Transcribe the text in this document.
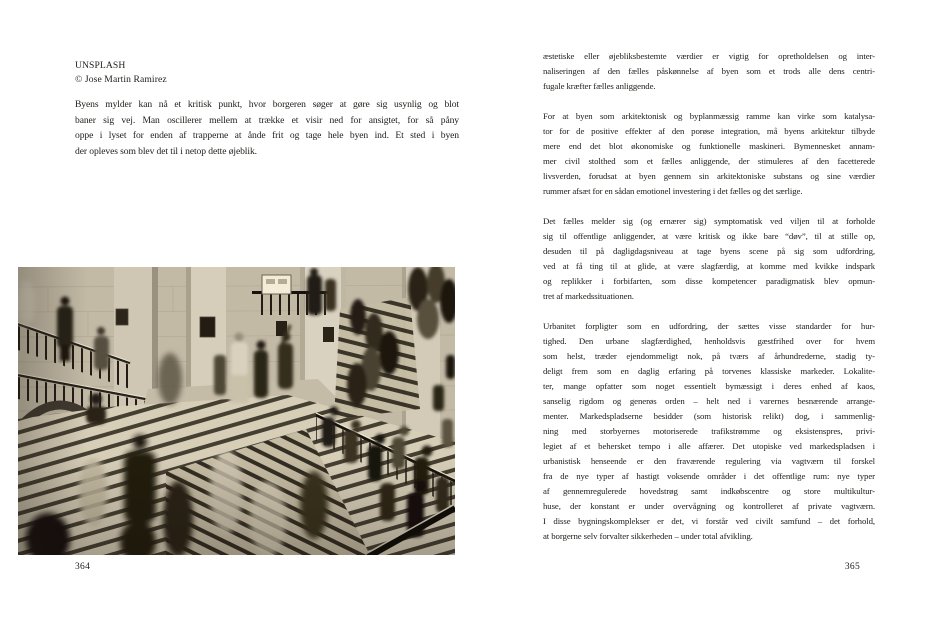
UNSPLASH
© Jose Martin Ramirez
Byens mylder kan nå et kritisk punkt, hvor borgeren søger at gøre sig usynlig og blot
baner sig vej. Man oscillerer mellem at trække et visir ned for ansigtet, for så påny
oppe i lyset for enden af trapperne at ånde frit og tage hele byen ind. Et sted i byen
der opleves som blev det til i netop dette øjeblik.
364
æstetiske eller øjebliksbestemte værdier er vigtig for opretholdelsen og inter-
naliseringen af den fælles påskønnelse af byen som et trods alle dens centri-
fugale kræfter fælles anliggende.
For at byen som arkitektonisk og byplanmæssig ramme kan virke som katalysa-
tor for de positive effekter af den porøse integration, må byens arkitektur tilbyde
mere end det blot økonomiske og funktionelle maskineri. Bymennesket annam-
mer civil stolthed som et fælles anliggende, der stimuleres af den facetterede
livsverden, forudsat at byen gennem sin arkitektoniske substans og sine værdier
rummer afsæt for en sådan emotionel investering i det fælles og det særlige.
Det fælles melder sig (og ernærer sig) symptomatisk ved viljen til at forholde
sig til offentlige anliggender, at være kritisk og ikke bare “døv”, til at stille op,
desuden til på dagligdagsniveau at tage byens scene på sig som udfordring,
ved at få ting til at glide, at være slagfærdig, at komme med kvikke indspark
og replikker i forbifarten, som disse kompetencer paradigmatisk blev opmun-
tret af markedssituationen.
Urbanitet forpligter som en udfordring, der sættes visse standarder for hur-
tighed. Den urbane slagfærdighed, henholdsvis gæstfrihed over for hvem
som helst, træder ejendommeligt nok, på tværs af århundrederne, stadig ty-
deligt frem som en daglig erfaring på torvenes klassiske markeder. Lokalite-
ter, mange opfatter som noget essentielt bymæssigt i deres enhed af kaos,
sanselig rigdom og generøs orden – helt ned i varernes besnærende arrange-
menter. Markedspladserne besidder (som historisk relikt) dog, i sammenlig-
ning med storbyernes motoriserede trafikstrømme og eksistenspres, privi-
legiet af et behersket tempo i alle affærer. Det utopiske ved markedspladsen i
urbanistisk henseende er den fraværende regulering via vagtværn til forskel
fra de nye typer af hastigt voksende områder i det offentlige rum: nye typer
af gennemregulerede hovedstrøg samt indkøbscentre og store multikultur-
huse, der konstant er under overvågning og kontrolleret af private vagtværn.
I disse bygningskomplekser er det, vi forstår ved civilt samfund – det forhold,
at borgerne selv forvalter sikkerheden – under total afvikling.
365
